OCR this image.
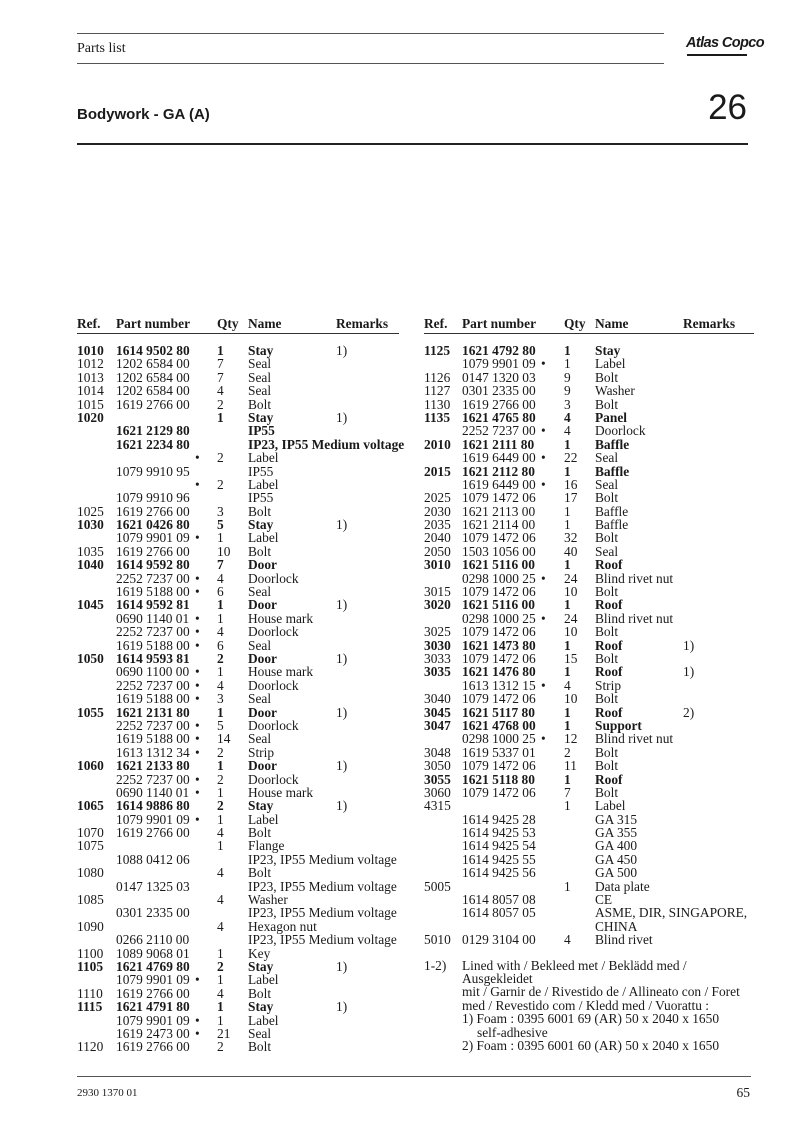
Parts list	Atlas Copco
Bodywork - GA (A)	26
Ref. Part number Qty Name	Remarks
1010 1614 9502 80 1 Stay	1)
1012 1202 6584 00 7 Seal
1013 1202 6584 00 7 Seal
1014 1202 6584 00 4 Seal
1015 1619 2766 00 2 Bolt
1020	1 Stay	1)
1621 2129 80	IP55
1621 2234 80	IP23, IP55 Medium voltage
• 2 Label
1079 9910 95	IP55
• 2 Label
1079 9910 96	IP55
1025 1619 2766 00 3 Bolt
1030 1621 0426 80 5 Stay	1)
1079 9901 09 • 1 Label
1035 1619 2766 00 10 Bolt
1040 1614 9592 80 7 Door
2252 7237 00 • 4 Doorlock
1619 5188 00 • 6 Seal
1045 1614 9592 81 1 Door	1)
0690 1140 01 • 1 House mark
2252 7237 00 • 4 Doorlock
1619 5188 00 • 6 Seal
1050 1614 9593 81 2 Door	1)
0690 1100 00 • 1 House mark
2252 7237 00 • 4 Doorlock
1619 5188 00 • 3 Seal
1055 1621 2131 80 1 Door	1)
2252 7237 00 • 5 Doorlock
1619 5188 00 • 14 Seal
1613 1312 34 • 2 Strip
1060 1621 2133 80 1 Door	1)
2252 7237 00 • 2 Doorlock
0690 1140 01 • 1 House mark
1065 1614 9886 80 2 Stay	1)
1079 9901 09 • 1 Label
1070 1619 2766 00 4 Bolt
1075	1 Flange
1088 0412 06	IP23, IP55 Medium voltage
1080	4 Bolt
0147 1325 03	IP23, IP55 Medium voltage
1085	4 Washer
0301 2335 00	IP23, IP55 Medium voltage
1090	4 Hexagon nut
0266 2110 00	IP23, IP55 Medium voltage
1100 1089 9068 01 1 Key
1105 1621 4769 80 2 Stay	1)
1079 9901 09 • 1 Label
1110 1619 2766 00 4 Bolt
1115 1621 4791 80 1 Stay	1)
1079 9901 09 • 1 Label
1619 2473 00 • 21 Seal
1120 1619 2766 00 2 Bolt
Ref. Part number Qty Name	Remarks
1125 1621 4792 80 1 Stay
1079 9901 09 • 1 Label
1126 0147 1320 03 9 Bolt
1127 0301 2335 00 9 Washer
1130 1619 2766 00 3 Bolt
1135 1621 4765 80 4 Panel
2252 7237 00 • 4 Doorlock
2010 1621 2111 80 1 Baffle
1619 6449 00 • 22 Seal
2015 1621 2112 80 1 Baffle
1619 6449 00 • 16 Seal
2025 1079 1472 06 17 Bolt
2030 1621 2113 00 1 Baffle
2035 1621 2114 00 1 Baffle
2040 1079 1472 06 32 Bolt
2050 1503 1056 00 40 Seal
3010 1621 5116 00 1 Roof
0298 1000 25 • 24 Blind rivet nut
3015 1079 1472 06 10 Bolt
3020 1621 5116 00 1 Roof
0298 1000 25 • 24 Blind rivet nut
3025 1079 1472 06 10 Bolt
3030 1621 1473 80 1 Roof	1)
3033 1079 1472 06 15 Bolt
3035 1621 1476 80 1 Roof	1)
1613 1312 15 • 4 Strip
3040 1079 1472 06 10 Bolt
3045 1621 5117 80 1 Roof	2)
3047 1621 4768 00 1 Support
0298 1000 25 • 12 Blind rivet nut
3048 1619 5337 01 2 Bolt
3050 1079 1472 06 11 Bolt
3055 1621 5118 80 1 Roof
3060 1079 1472 06 7 Bolt
4315	1 Label
1614 9425 28	GA 315
1614 9425 53	GA 355
1614 9425 54	GA 400
1614 9425 55	GA 450
1614 9425 56	GA 500
5005	1 Data plate
1614 8057 08	CE
1614 8057 05	ASME, DIR, SINGAPORE,
CHINA
5010 0129 3104 00 4 Blind rivet
1-2) Lined with / Bekleed met / Beklädd med / Ausgekleidet
mit / Garnir de / Rivestido de / Allineato con / Foret
med / Revestido com / Kledd med / Vuorattu :
1) Foam : 0395 6001 69 (AR) 50 x 2040 x 1650
self-adhesive
2) Foam : 0395 6001 60 (AR) 50 x 2040 x 1650
2930 1370 01	65
